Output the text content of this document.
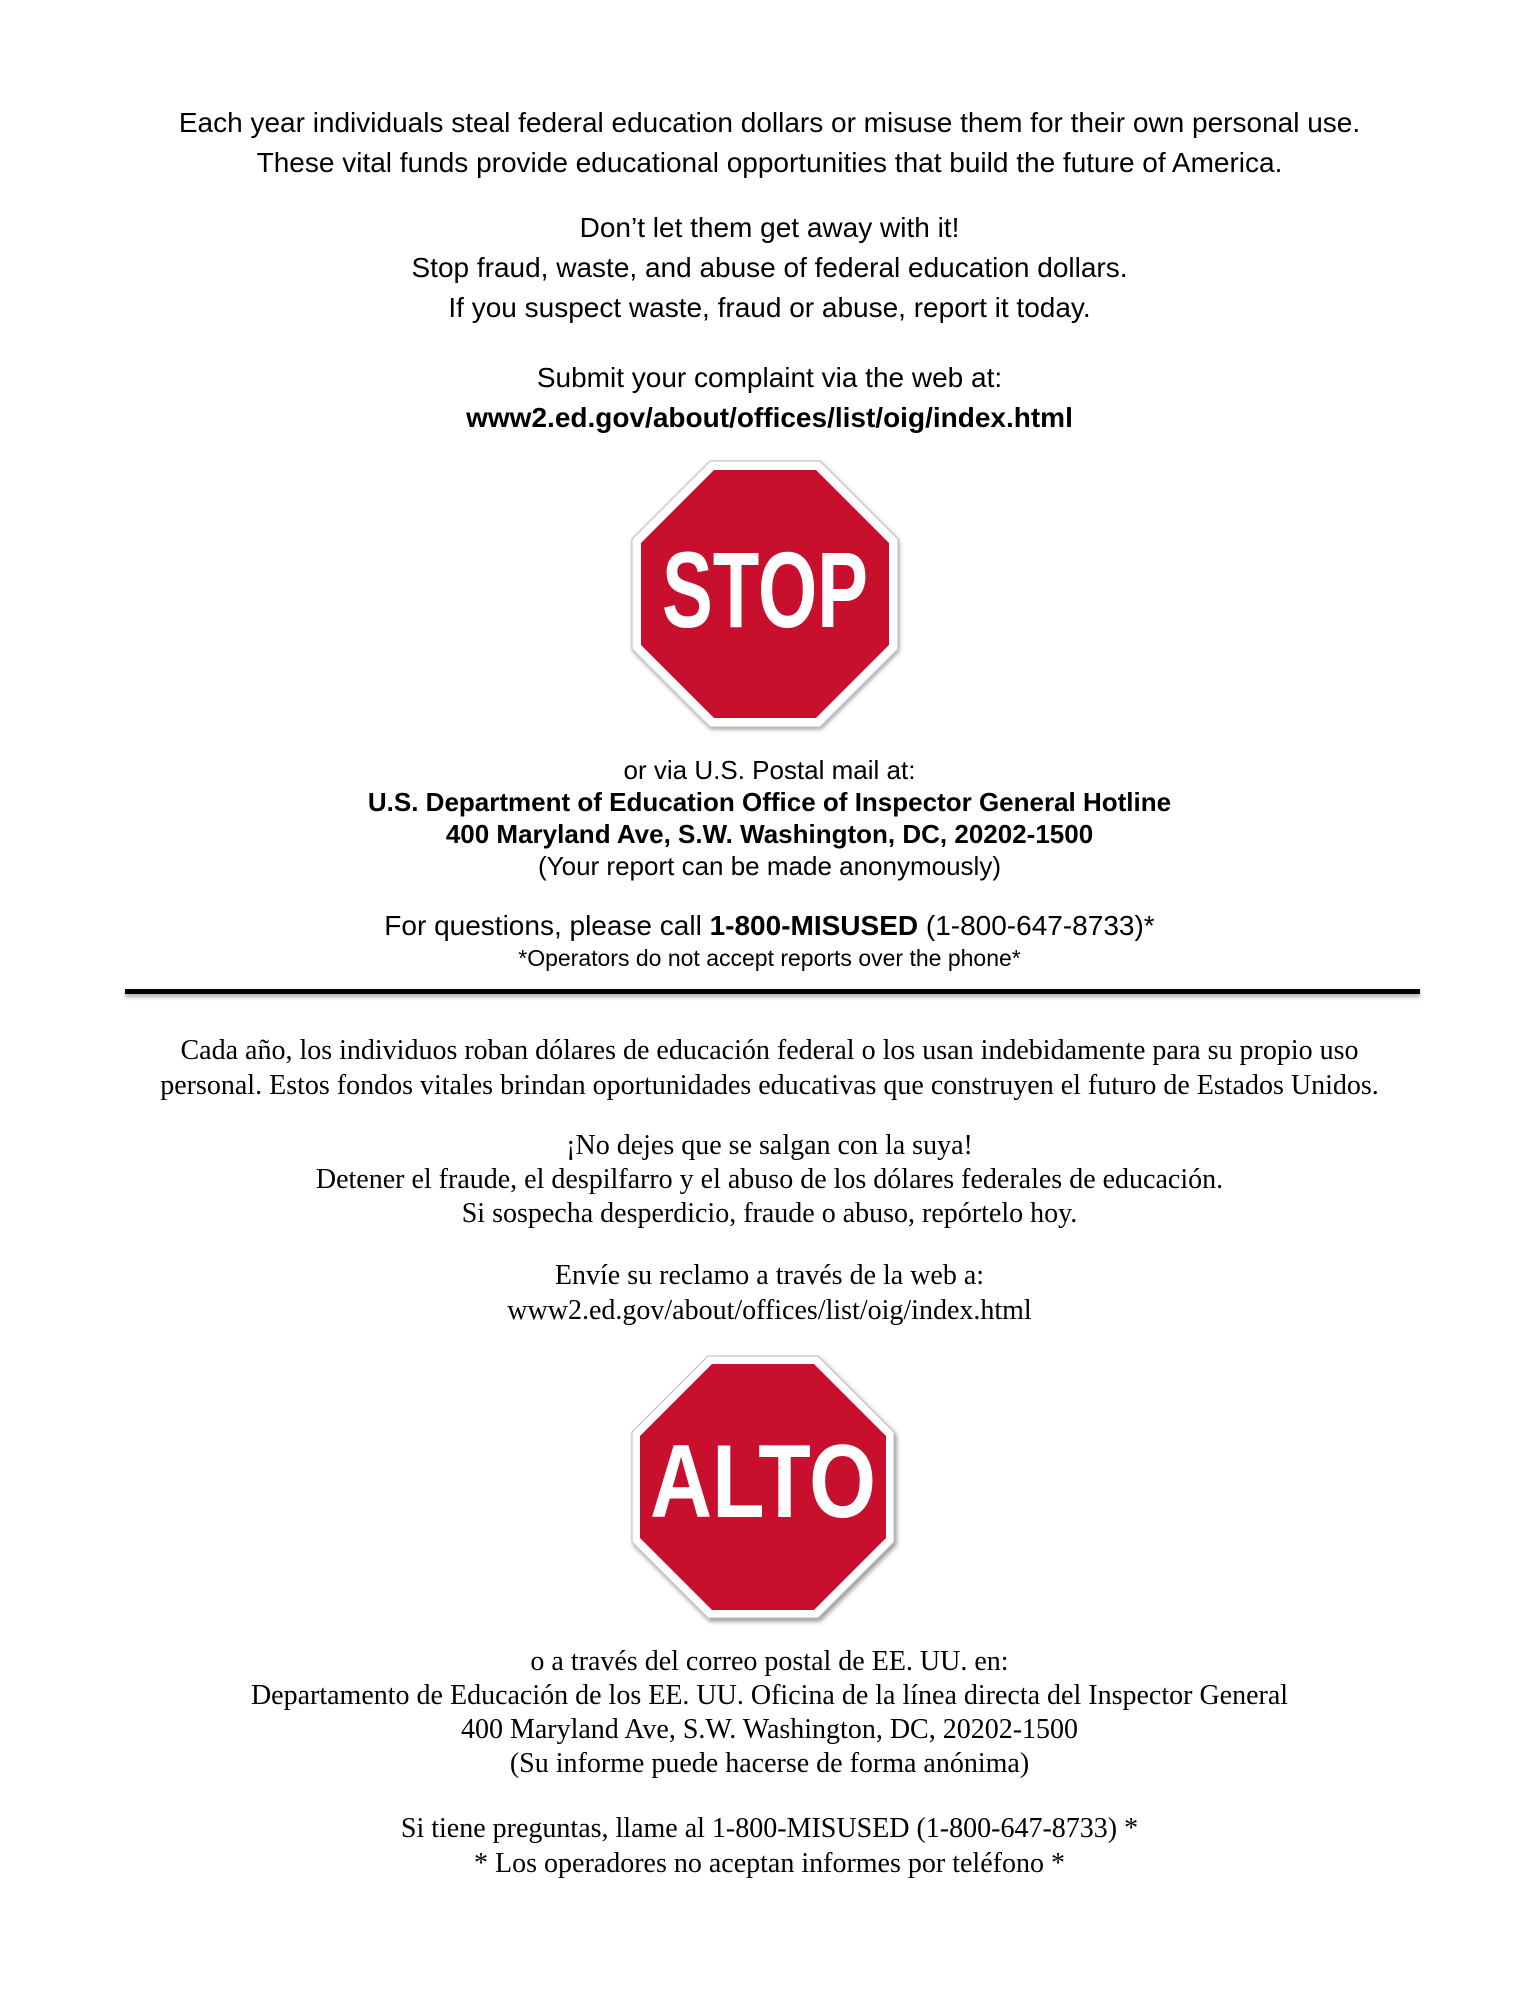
Each year individuals steal federal education dollars or misuse them for their own personal use.
These vital funds provide educational opportunities that build the future of America.
Don’t let them get away with it!
Stop fraud, waste, and abuse of federal education dollars.
If you suspect waste, fraud or abuse, report it today.
Submit your complaint via the web at:
www2.ed.gov/about/offices/list/oig/index.html
STOP
or via U.S. Postal mail at:
U.S. Department of Education Office of Inspector General Hotline
400 Maryland Ave, S.W. Washington, DC, 20202-1500
(Your report can be made anonymously)
For questions, please call 1-800-MISUSED (1-800-647-8733)*
*Operators do not accept reports over the phone*
Cada año, los individuos roban dólares de educación federal o los usan indebidamente para su propio uso
personal. Estos fondos vitales brindan oportunidades educativas que construyen el futuro de Estados Unidos.
¡No dejes que se salgan con la suya!
Detener el fraude, el despilfarro y el abuso de los dólares federales de educación.
Si sospecha desperdicio, fraude o abuso, repórtelo hoy.
Envíe su reclamo a través de la web a:
www2.ed.gov/about/offices/list/oig/index.html
ALTO
o a través del correo postal de EE. UU. en:
Departamento de Educación de los EE. UU. Oficina de la línea directa del Inspector General
400 Maryland Ave, S.W. Washington, DC, 20202-1500
(Su informe puede hacerse de forma anónima)
Si tiene preguntas, llame al 1-800-MISUSED (1-800-647-8733) *
* Los operadores no aceptan informes por teléfono *
